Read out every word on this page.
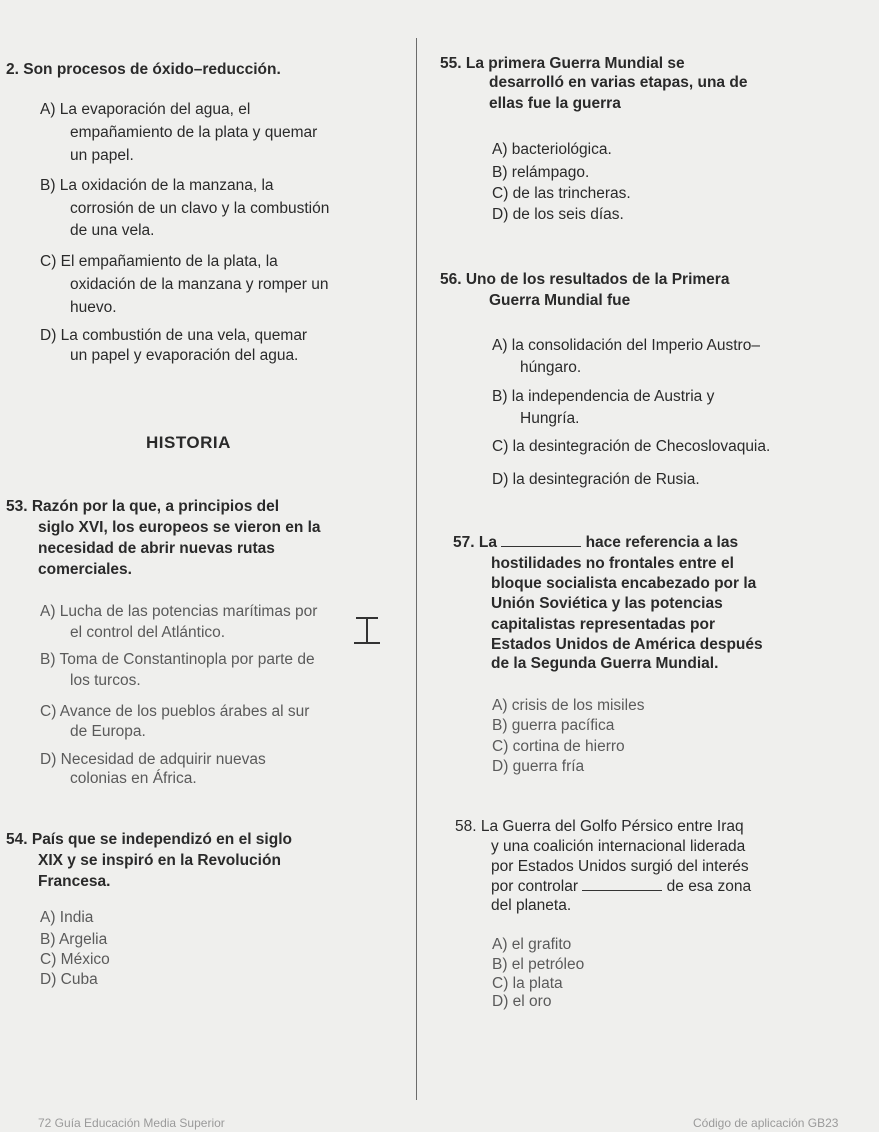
2. Son procesos de óxido–reducción.
A) La evaporación del agua, el
empañamiento de la plata y quemar
un papel.
B) La oxidación de la manzana, la
corrosión de un clavo y la combustión
de una vela.
C) El empañamiento de la plata, la
oxidación de la manzana y romper un
huevo.
D) La combustión de una vela, quemar
un papel y evaporación del agua.
HISTORIA
53. Razón por la que, a principios del
siglo XVI, los europeos se vieron en la
necesidad de abrir nuevas rutas
comerciales.
A) Lucha de las potencias marítimas por
el control del Atlántico.
B) Toma de Constantinopla por parte de
los turcos.
C) Avance de los pueblos árabes al sur
de Europa.
D) Necesidad de adquirir nuevas
colonias en África.
54. País que se independizó en el siglo
XIX y se inspiró en la Revolución
Francesa.
A) India
B) Argelia
C) México
D) Cuba
55. La primera Guerra Mundial se
desarrolló en varias etapas, una de
ellas fue la guerra
A) bacteriológica.
B) relámpago.
C) de las trincheras.
D) de los seis días.
56. Uno de los resultados de la Primera
Guerra Mundial fue
A) la consolidación del Imperio Austro–
húngaro.
B) la independencia de Austria y
Hungría.
C) la desintegración de Checoslovaquia.
D) la desintegración de Rusia.
57. La	hace referencia a las
hostilidades no frontales entre el
bloque socialista encabezado por la
Unión Soviética y las potencias
capitalistas representadas por
Estados Unidos de América después
de la Segunda Guerra Mundial.
A) crisis de los misiles
B) guerra pacífica
C) cortina de hierro
D) guerra fría
58. La Guerra del Golfo Pérsico entre Iraq
y una coalición internacional liderada
por Estados Unidos surgió del interés
por controlar	de esa zona
del planeta.
A) el grafito
B) el petróleo
C) la plata
D) el oro
72 Guía Educación Media Superior	Código de aplicación GB23
